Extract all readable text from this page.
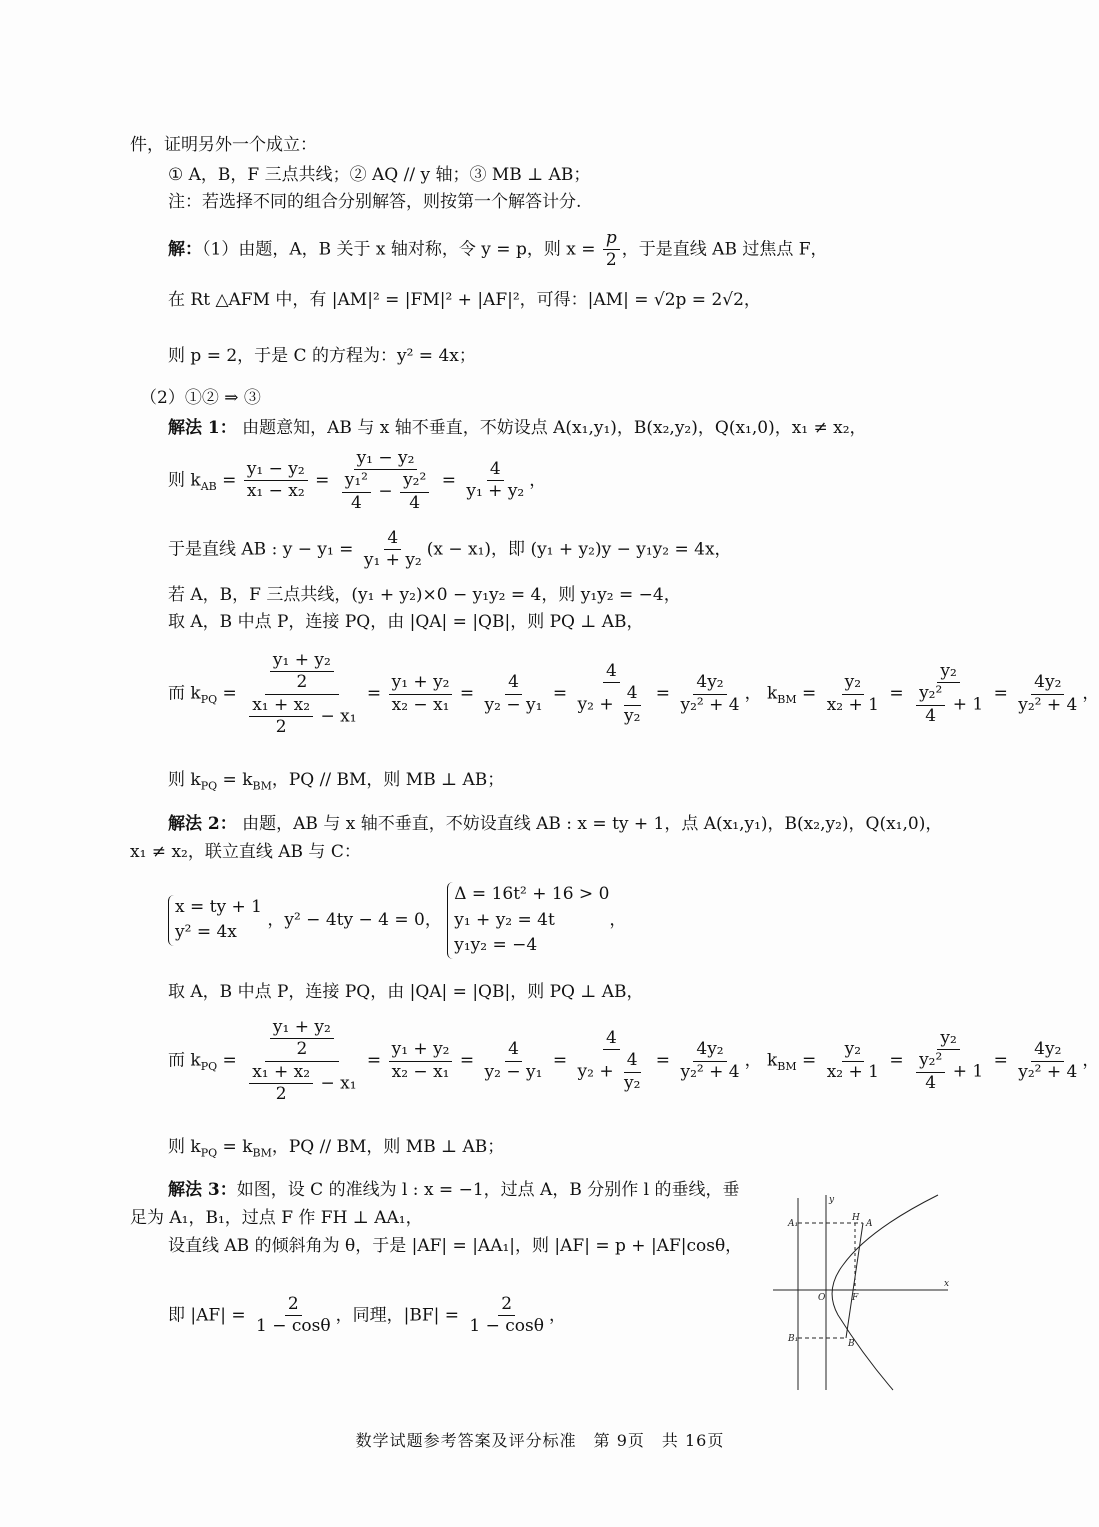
件，证明另外一个成立：
① A，B，F 三点共线；② AQ // y 轴；③ MB ⊥ AB；
注：若选择不同的组合分别解答，则按第一个解答计分.
解：（1）由题，A，B 关于 x 轴对称，令 y = p，则 $x = \frac{p}{2}$ ，于是直线 AB 过焦点 F，
在 Rt △AFM 中，有 |AM|² = |FM|² + |AF|²，可得：|AM| = √2p = 2√2，
则 p = 2，于是 C 的方程为：y² = 4x；
（2）①② ⇒ ③
解法 1： 由题意知，AB 与 x 轴不垂直，不妨设点 A(x₁,y₁)，B(x₂,y₂)，Q(x₁,0)，x₁ ≠ x₂，
则 $k_{AB} = \frac{\text{y₁ − y₂}}{\text{x₁ − x₂}} = \frac{\text{y₁ − y₂}}{\frac{\text{y₁²}}{4} - \frac{\text{y₂²}}{4}} = \frac{4}{\text{y₁ + y₂}}$ ，
于是直线 AB : $y - y_1 = \frac{4}{\text{y₁ + y₂}} (x - x_1)$，即 (y₁ + y₂)y − y₁y₂ = 4x，
若 A，B，F 三点共线，(y₁ + y₂)×0 − y₁y₂ = 4，则 y₁y₂ = −4，
取 A，B 中点 P，连接 PQ，由 |QA| = |QB|，则 PQ ⊥ AB，
而 $k_{PQ} = \frac{\frac{\text{y₁ + y₂}}{2}}{\frac{\text{x₁ + x₂}}{2} - x_1} = \frac{\text{y₁ + y₂}}{\text{x₂ − x₁}} = \frac{4}{\text{y₂ − y₁}} = \frac{4}{y_2 + \frac{4}{\text{y₂}}} = \frac{\text{4y₂}}{\text{y₂² + 4}}$ ， $k_{BM} = \frac{\text{y₂}}{\text{x₂ + 1}} = \frac{\text{y₂}}{\frac{\text{y₂²}}{4} + 1} = \frac{\text{4y₂}}{\text{y₂² + 4}}$ ，
则 $k_{PQ} = k_{BM}$，PQ // BM，则 MB ⊥ AB；
解法 2： 由题，AB 与 x 轴不垂直，不妨设直线 AB : x = ty + 1，点 A(x₁,y₁)，B(x₂,y₂)，Q(x₁,0)，
x₁ ≠ x₂，联立直线 AB 与 C：
x = ty + 1
y² = 4x ，y² − 4ty − 4 = 0， Δ = 16t² + 16 > 0
y₁ + y₂ = 4t
y₁y₂ = −4，
取 A，B 中点 P，连接 PQ，由 |QA| = |QB|，则 PQ ⊥ AB，
而 $k_{PQ} = \frac{\frac{\text{y₁ + y₂}}{2}}{\frac{\text{x₁ + x₂}}{2} - x_1} = \frac{\text{y₁ + y₂}}{\text{x₂ − x₁}} = \frac{4}{\text{y₂ − y₁}} = \frac{4}{y_2 + \frac{4}{\text{y₂}}} = \frac{\text{4y₂}}{\text{y₂² + 4}}$ ， $k_{BM} = \frac{\text{y₂}}{\text{x₂ + 1}} = \frac{\text{y₂}}{\frac{\text{y₂²}}{4} + 1} = \frac{\text{4y₂}}{\text{y₂² + 4}}$ ，
则 $k_{PQ} = k_{BM}$，PQ // BM，则 MB ⊥ AB；
解法 3：如图，设 C 的准线为 l : x = −1，过点 A，B 分别作 l 的垂线，垂
足为 A₁，B₁，过点 F 作 FH ⊥ AA₁，
设直线 AB 的倾斜角为 θ，于是 |AF| = |AA₁|，则 |AF| = p + |AF|cosθ，
即 $|AF| = \frac{2}{1 - \cos\theta}$ ，同理，$|BF| = \frac{2}{1 - \cos\theta}$ ，
A₁
B₁
H
A
B
O	F
x
y
数学试题参考答案及评分标准　第 9页　共 16页
